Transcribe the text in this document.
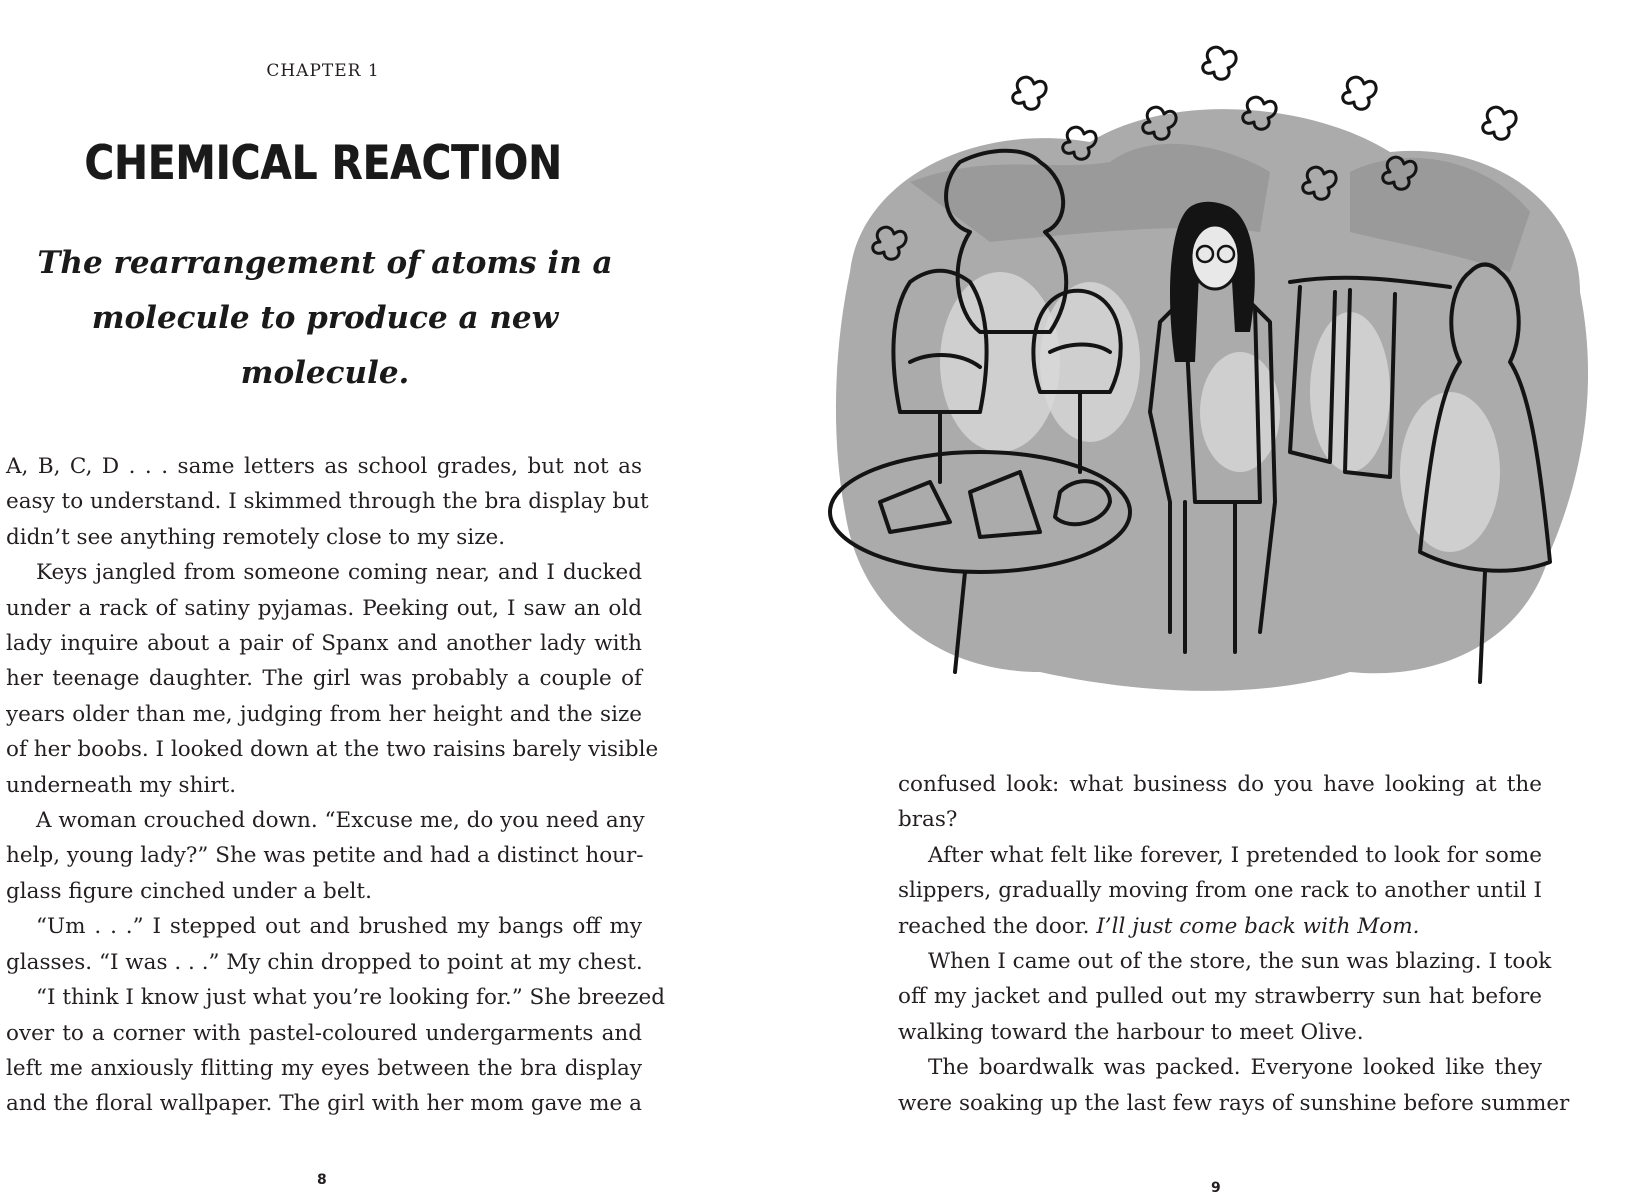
CHAPTER 1
CHEMICAL REACTION
The rearrangement of atoms in a
molecule to produce a new molecule.
A, B, C, D . . . same letters as school grades, but not as
easy to understand. I skimmed through the bra display but
didn’t see anything remotely close to my size.
Keys jangled from someone coming near, and I ducked
under a rack of satiny pyjamas. Peeking out, I saw an old
lady inquire about a pair of Spanx and another lady with
her teenage daughter. The girl was probably a couple of
years older than me, judging from her height and the size
of her boobs. I looked down at the two raisins barely visible
underneath my shirt.
A woman crouched down. “Excuse me, do you need any
help, young lady?” She was petite and had a distinct hour-
glass figure cinched under a belt.
“Um . . .” I stepped out and brushed my bangs off my
glasses. “I was . . .” My chin dropped to point at my chest.
“I think I know just what you’re looking for.” She breezed
over to a corner with pastel-coloured undergarments and
left me anxiously flitting my eyes between the bra display
and the floral wallpaper. The girl with her mom gave me a
8
confused look: what business do you have looking at the
bras?
After what felt like forever, I pretended to look for some
slippers, gradually moving from one rack to another until I
reached the door. I’ll just come back with Mom.
When I came out of the store, the sun was blazing. I took
off my jacket and pulled out my strawberry sun hat before
walking toward the harbour to meet Olive.
The boardwalk was packed. Everyone looked like they
were soaking up the last few rays of sunshine before summer
9
